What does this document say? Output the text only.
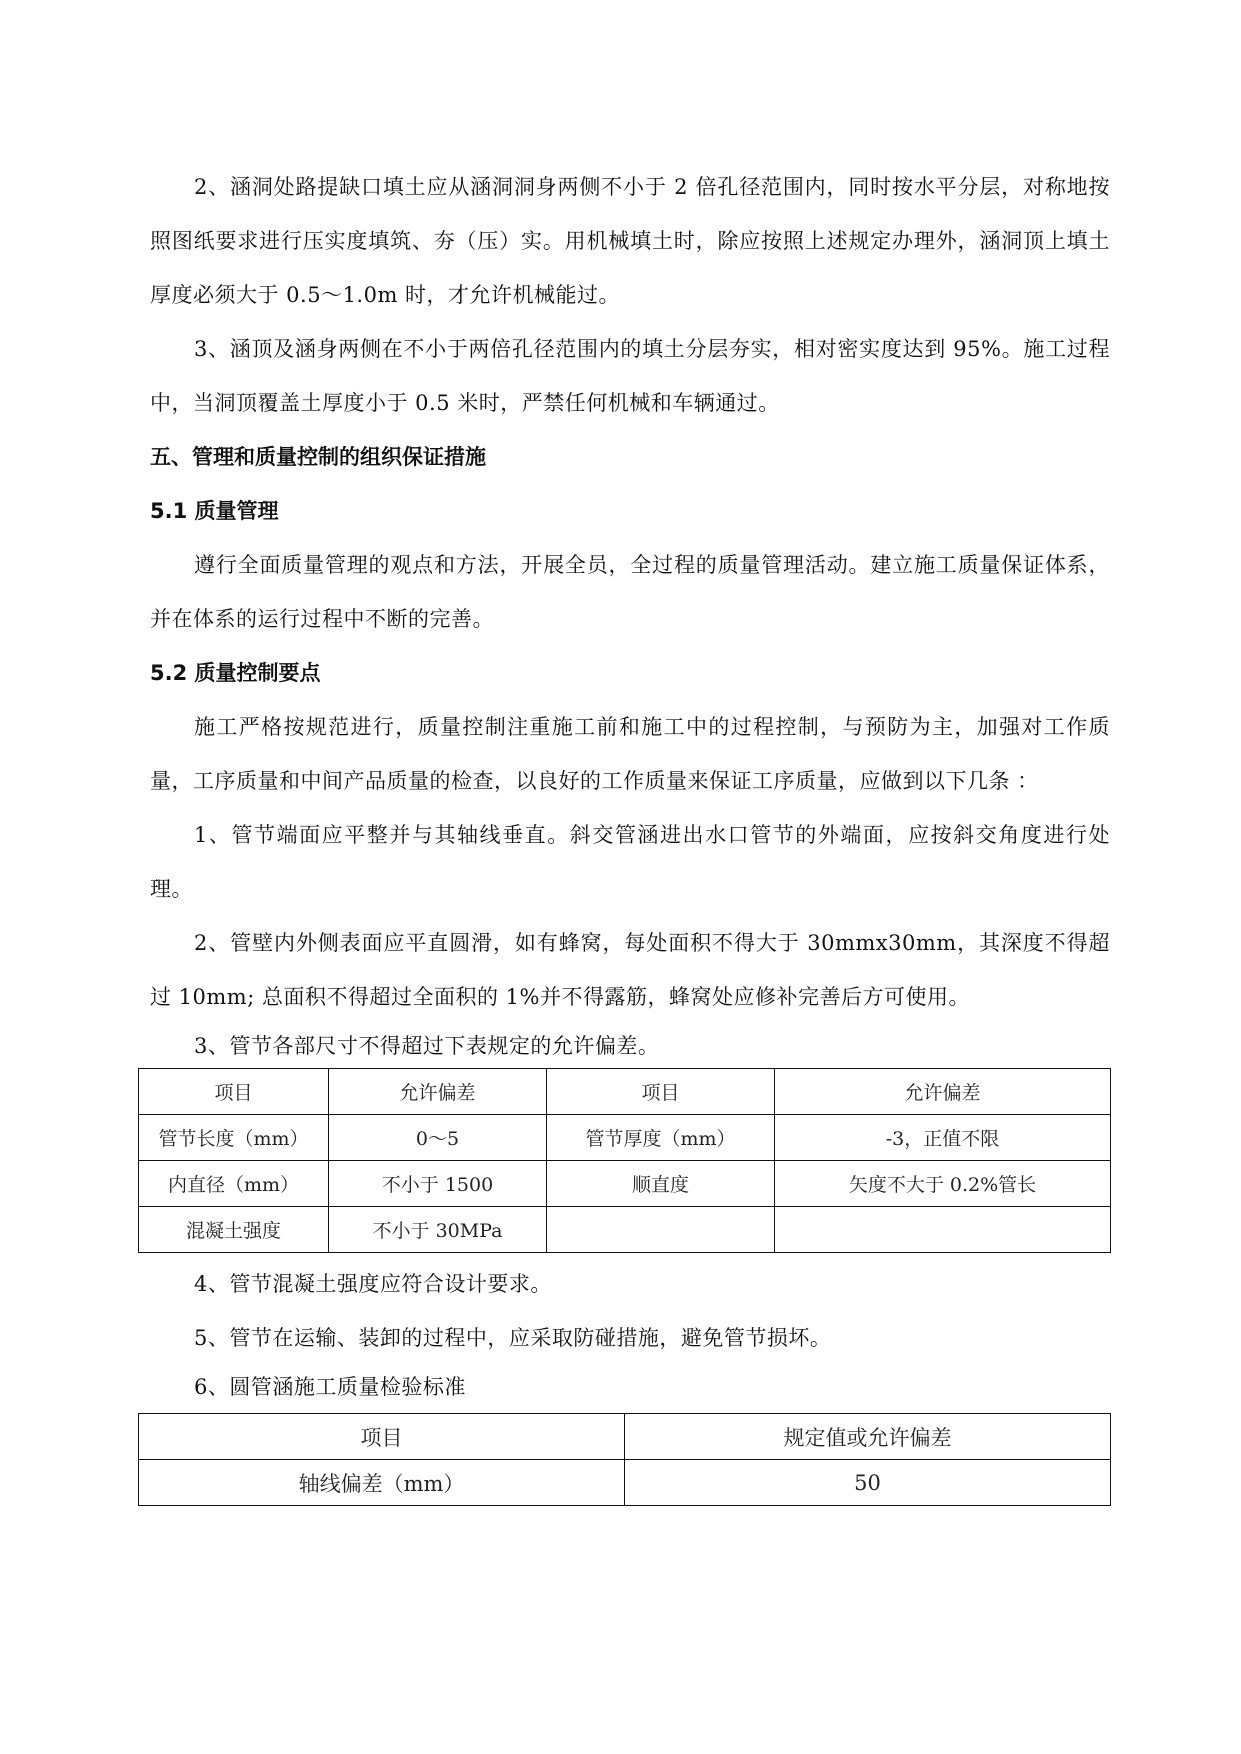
2、涵洞处路提缺口填土应从涵洞洞身两侧不小于 2 倍孔径范围内，同时按水平分层，对称地按照图纸要求进行压实度填筑、夯（压）实。用机械填土时，除应按照上述规定办理外，涵洞顶上填土厚度必须大于 0.5～1.0m 时，才允许机械能过。

3、涵顶及涵身两侧在不小于两倍孔径范围内的填土分层夯实，相对密实度达到 95%。施工过程中，当洞顶覆盖土厚度小于 0.5 米时，严禁任何机械和车辆通过。

五、管理和质量控制的组织保证措施

5.1 质量管理

遵行全面质量管理的观点和方法，开展全员，全过程的质量管理活动。建立施工质量保证体系，并在体系的运行过程中不断的完善。

5.2 质量控制要点

施工严格按规范进行，质量控制注重施工前和施工中的过程控制，与预防为主，加强对工作质量，工序质量和中间产品质量的检查，以良好的工作质量来保证工序质量，应做到以下几条 ：

1、管节端面应平整并与其轴线垂直。斜交管涵进出水口管节的外端面，应按斜交角度进行处理。

2、管壁内外侧表面应平直圆滑，如有蜂窝，每处面积不得大于 30mmx30mm，其深度不得超过 10mm; 总面积不得超过全面积的 1%并不得露筋，蜂窝处应修补完善后方可使用。

3、管节各部尺寸不得超过下表规定的允许偏差。

项目	允许偏差	项目	允许偏差
管节长度（mm）	0～5	管节厚度（mm）	-3，正值不限
内直径（mm）	不小于 1500	顺直度	矢度不大于 0.2%管长
混凝土强度	不小于 30MPa		

4、管节混凝土强度应符合设计要求。

5、管节在运输、装卸的过程中，应采取防碰措施，避免管节损坏。

6、圆管涵施工质量检验标准

项目	规定值或允许偏差
轴线偏差（mm）	50
